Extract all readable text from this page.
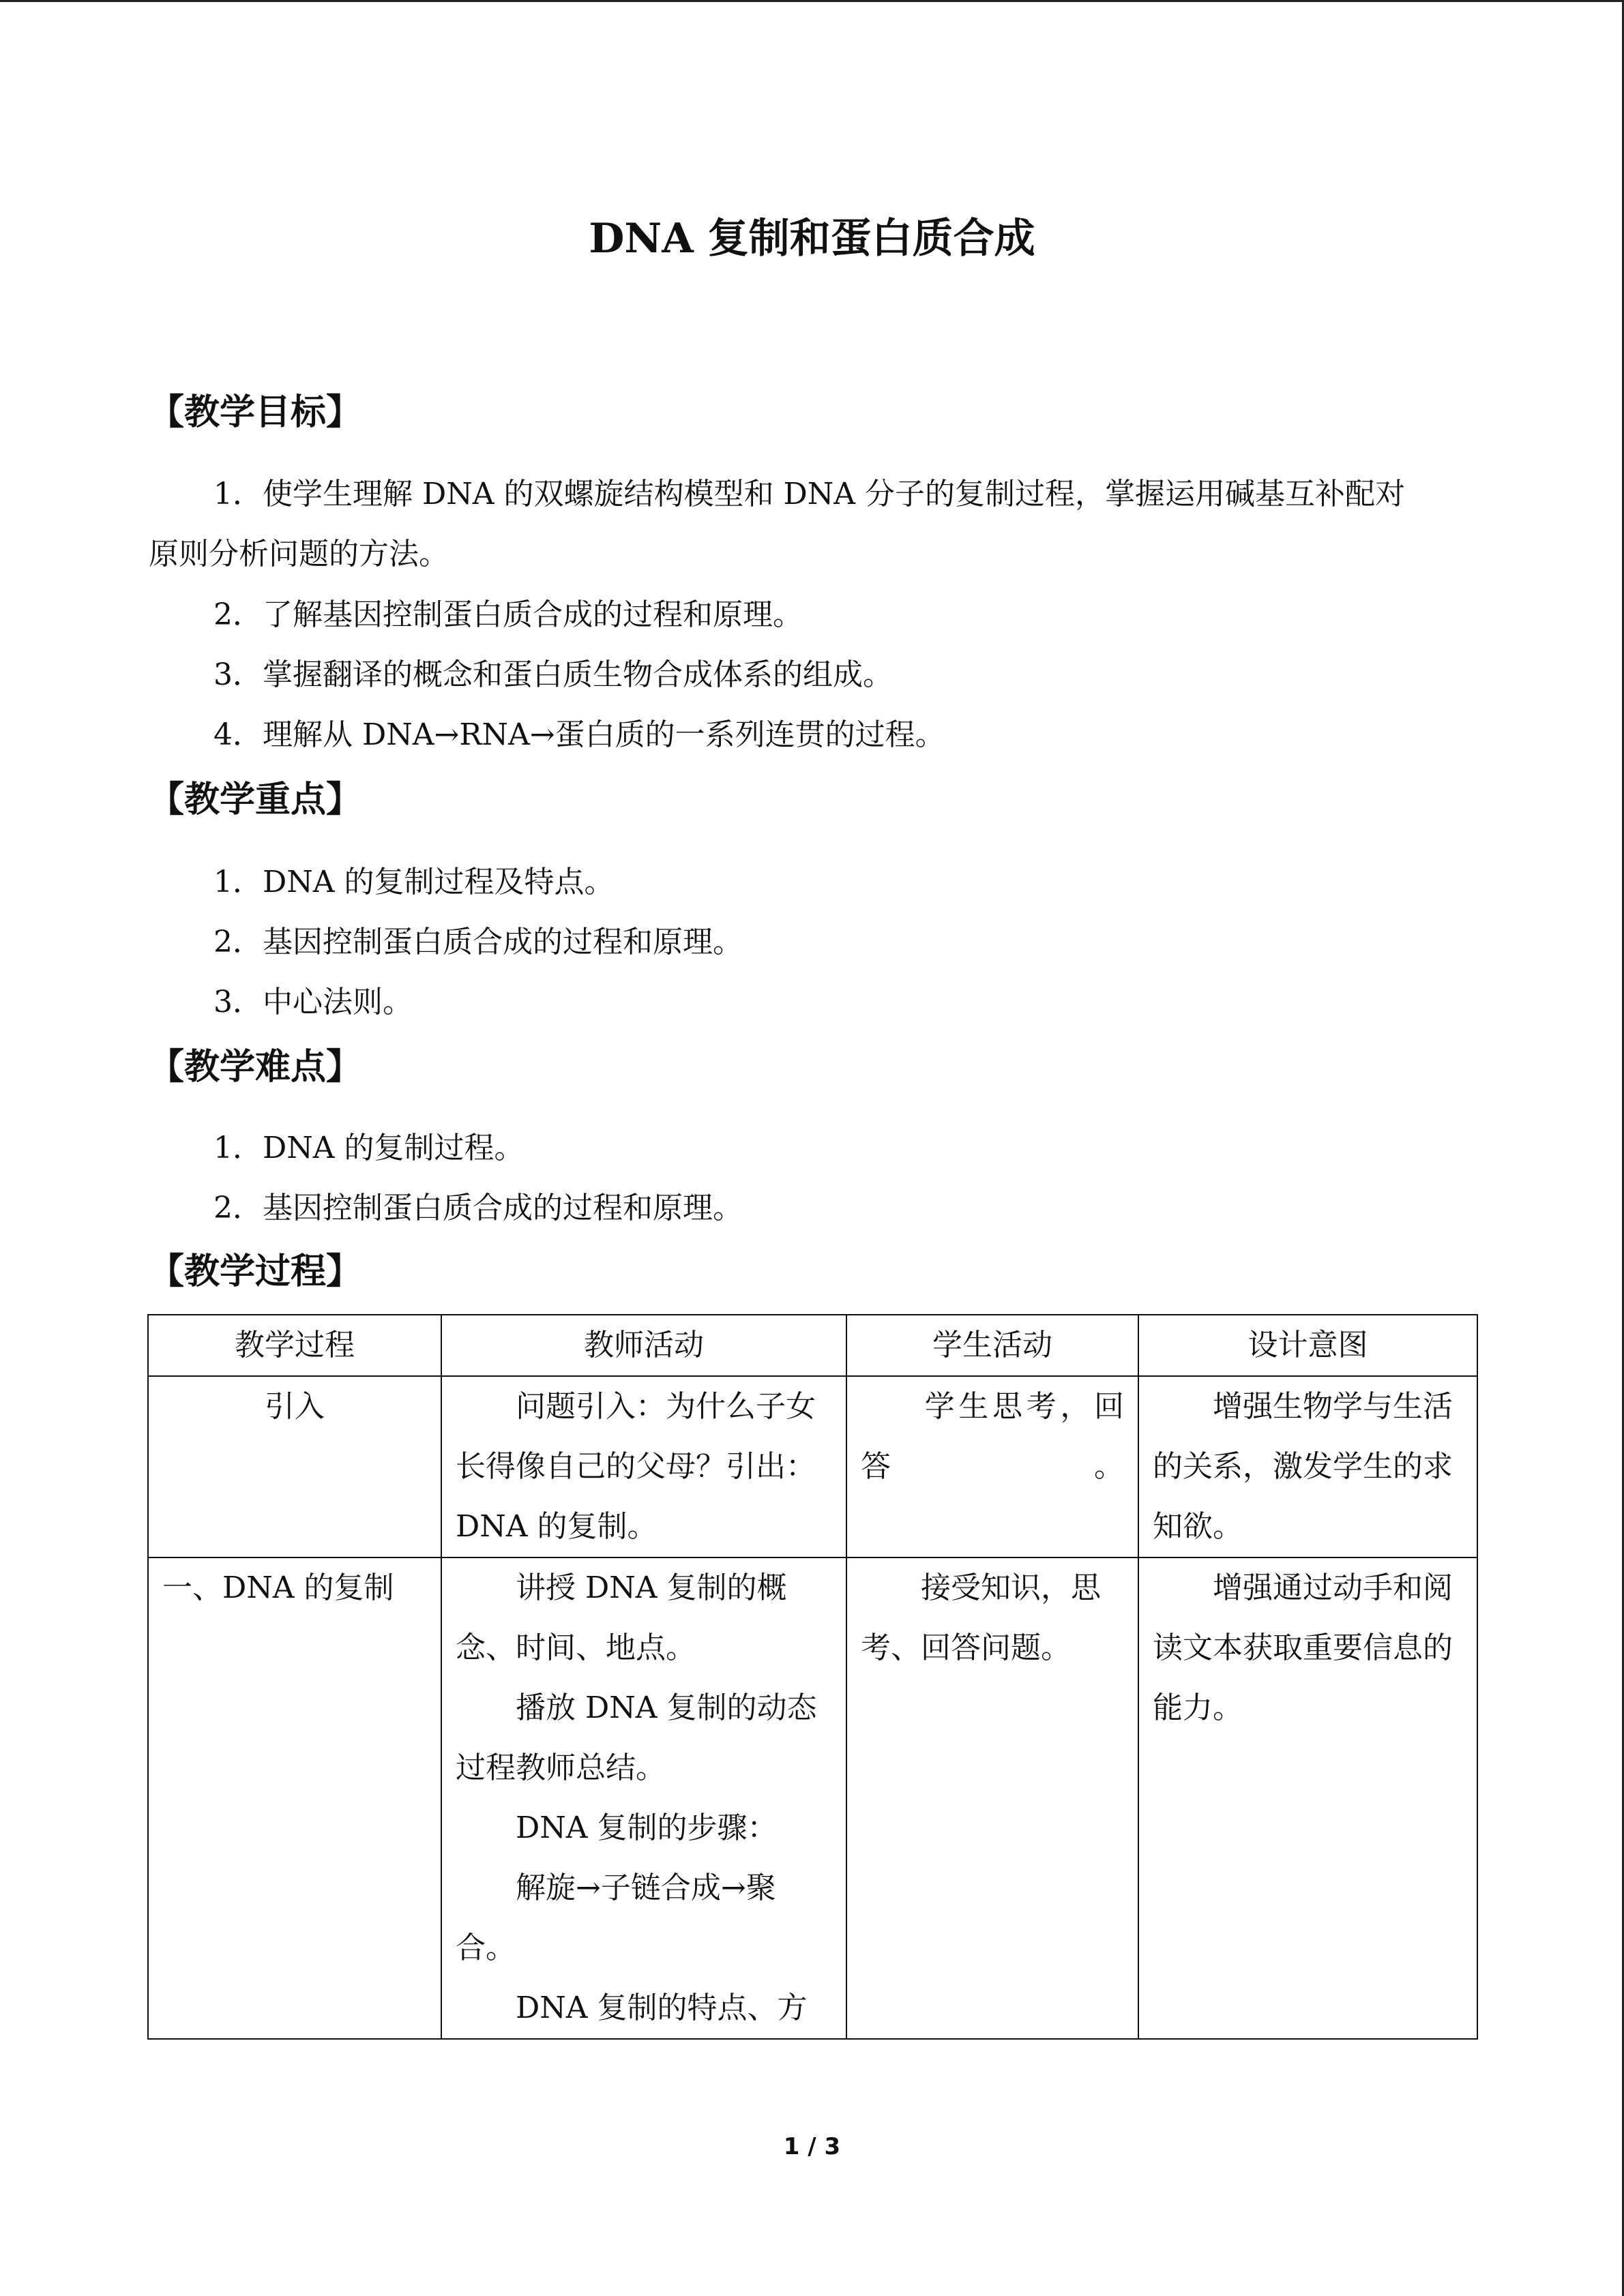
DNA 复制和蛋白质合成
【教学目标】
1．使学生理解 DNA 的双螺旋结构模型和 DNA 分子的复制过程，掌握运用碱基互补配对
原则分析问题的方法。
2．了解基因控制蛋白质合成的过程和原理。
3．掌握翻译的概念和蛋白质生物合成体系的组成。
4．理解从 DNA→RNA→蛋白质的一系列连贯的过程。
【教学重点】
1．DNA 的复制过程及特点。
2．基因控制蛋白质合成的过程和原理。
3．中心法则。
【教学难点】
1．DNA 的复制过程。
2．基因控制蛋白质合成的过程和原理。
【教学过程】
教学过程	教师活动	学生活动	设计意图
引入	问题引入：为什么子女长得像自己的父母？引出：DNA 的复制。	学生思考，回答。	增强生物学与生活的关系，激发学生的求知欲。
一、DNA 的复制	讲授 DNA 复制的概念、时间、地点。
播放 DNA 复制的动态过程教师总结。
DNA 复制的步骤：
解旋→子链合成→聚合。
DNA 复制的特点、方	接受知识，思考、回答问题。	增强通过动手和阅读文本获取重要信息的能力。
1 / 3
